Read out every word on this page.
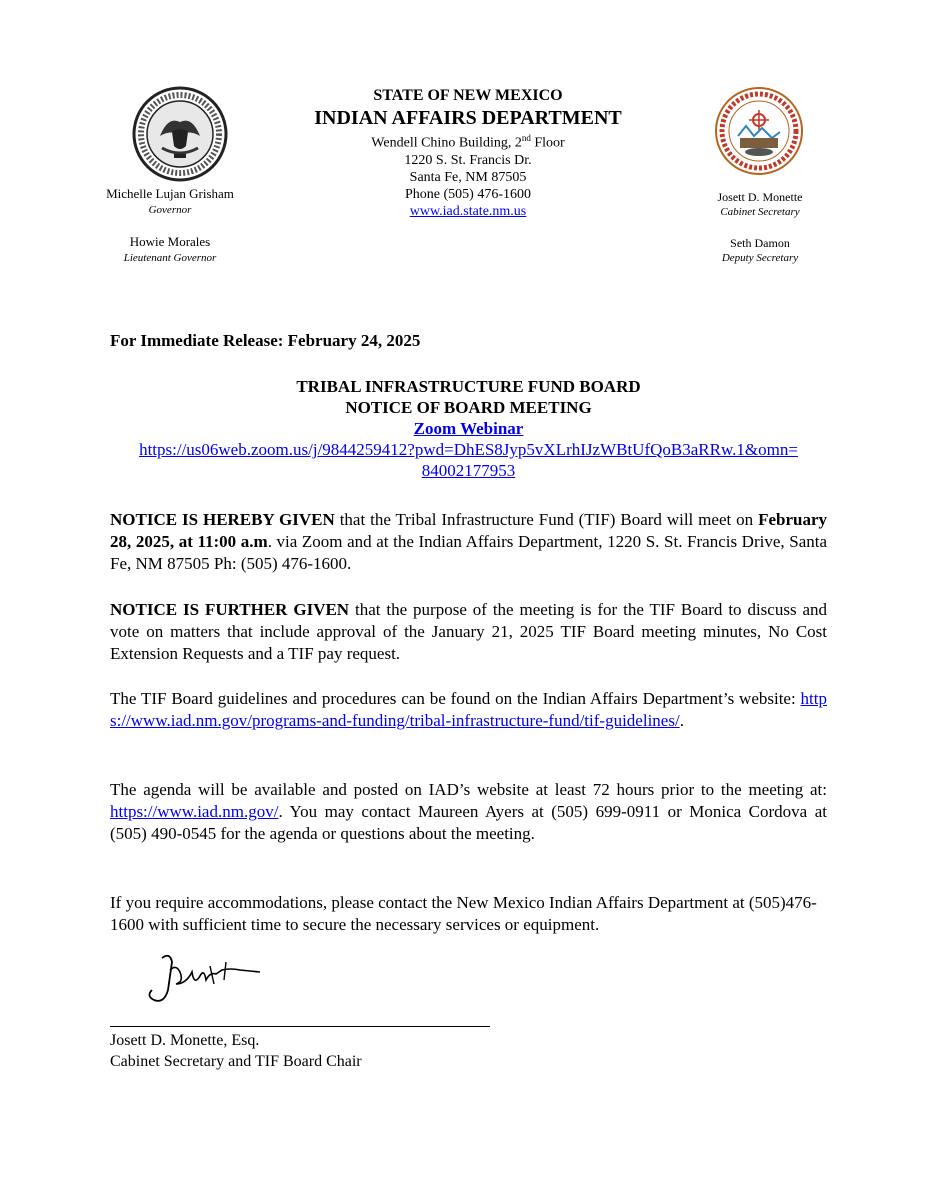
Michelle Lujan Grisham
Governor
Howie Morales
Lieutenant Governor
STATE OF NEW MEXICO
INDIAN AFFAIRS DEPARTMENT
Wendell Chino Building, 2nd Floor
1220 S. St. Francis Dr.
Santa Fe, NM 87505
Phone (505) 476-1600
www.iad.state.nm.us
Josett D. Monette
Cabinet Secretary
Seth Damon
Deputy Secretary
For Immediate Release: February 24, 2025
TRIBAL INFRASTRUCTURE FUND BOARD
NOTICE OF BOARD MEETING
Zoom Webinar
https://us06web.zoom.us/j/9844259412?pwd=DhES8Jyp5vXLrhIJzWBtUfQoB3aRRw.1&omn=
84002177953
NOTICE IS HEREBY GIVEN that the Tribal Infrastructure Fund (TIF) Board will meet on February 28, 2025, at 11:00 a.m. via Zoom and at the Indian Affairs Department, 1220 S. St. Francis Drive, Santa Fe, NM 87505 Ph: (505) 476-1600.
NOTICE IS FURTHER GIVEN that the purpose of the meeting is for the TIF Board to discuss and vote on matters that include approval of the January 21, 2025 TIF Board meeting minutes, No Cost Extension Requests and a TIF pay request.
The TIF Board guidelines and procedures can be found on the Indian Affairs Department’s website: https://www.iad.nm.gov/programs-and-funding/tribal-infrastructure-fund/tif-guidelines/.
The agenda will be available and posted on IAD’s website at least 72 hours prior to the meeting at: https://www.iad.nm.gov/. You may contact Maureen Ayers at (505) 699-0911 or Monica Cordova at (505) 490-0545 for the agenda or questions about the meeting.
If you require accommodations, please contact the New Mexico Indian Affairs Department at (505)476-1600 with sufficient time to secure the necessary services or equipment.
Josett D. Monette, Esq.
Cabinet Secretary and TIF Board Chair
